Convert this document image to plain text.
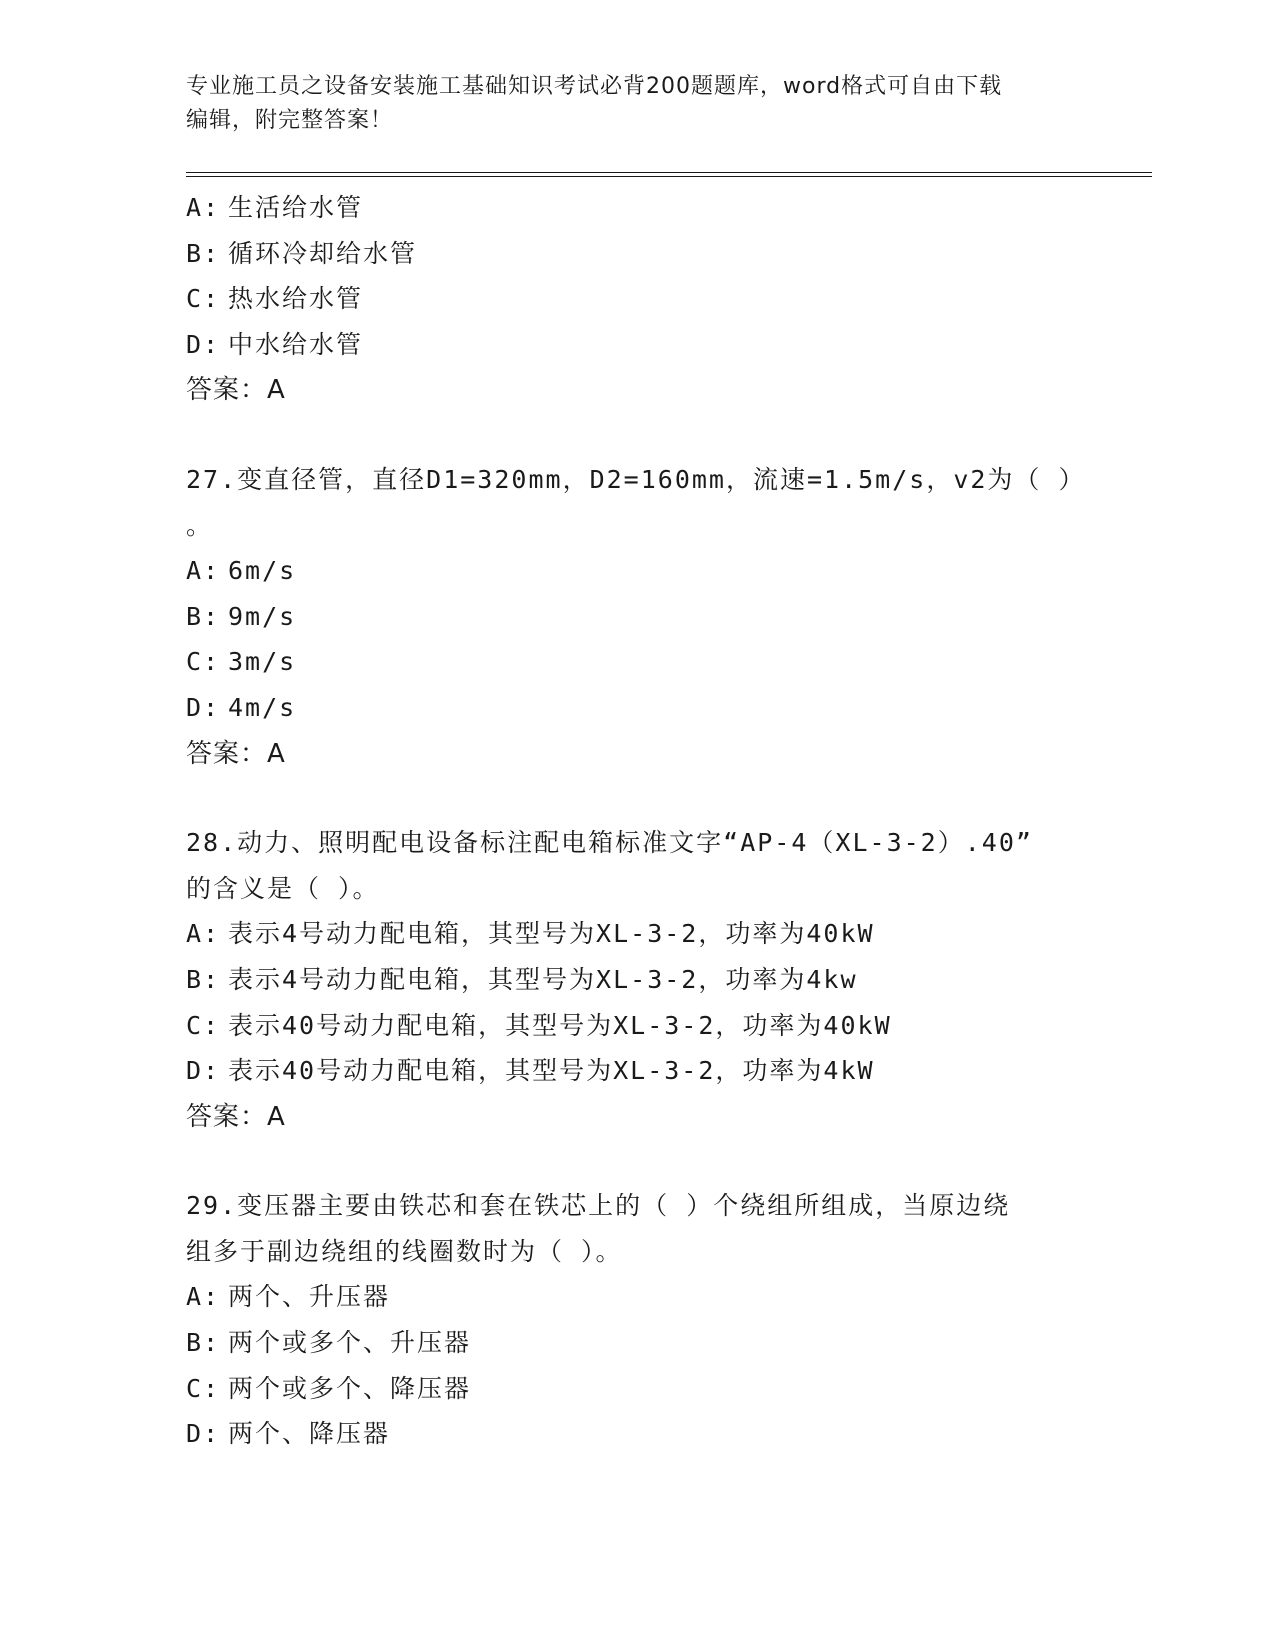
专业施工员之设备安装施工基础知识考试必背200题题库，word格式可自由下载
编辑，附完整答案！
A: 生活给水管
B: 循环冷却给水管
C: 热水给水管
D: 中水给水管
答案：A
27.变直径管，直径D1=320mm，D2=160mm，流速=1.5m/s，v2为（ ）
。
A: 6m/s
B: 9m/s
C: 3m/s
D: 4m/s
答案：A
28.动力、照明配电设备标注配电箱标准文字“AP-4（XL-3-2）.40”
的含义是（ ）。
A: 表示4号动力配电箱，其型号为XL-3-2，功率为40kW
B: 表示4号动力配电箱，其型号为XL-3-2，功率为4kw
C: 表示40号动力配电箱，其型号为XL-3-2，功率为40kW
D: 表示40号动力配电箱，其型号为XL-3-2，功率为4kW
答案：A
29.变压器主要由铁芯和套在铁芯上的（ ）个绕组所组成，当原边绕
组多于副边绕组的线圈数时为（ ）。
A: 两个、升压器
B: 两个或多个、升压器
C: 两个或多个、降压器
D: 两个、降压器
